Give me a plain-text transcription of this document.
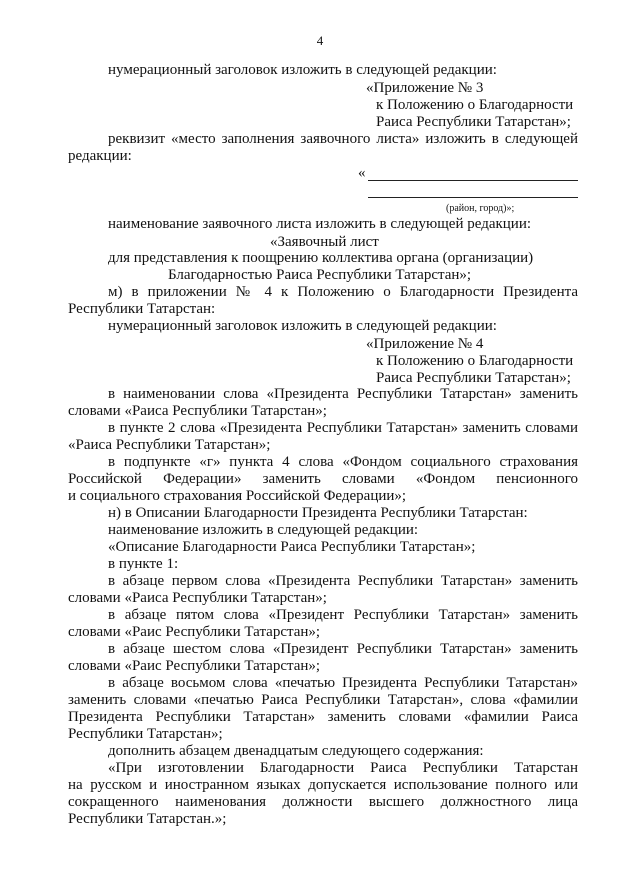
4
нумерационный заголовок изложить в следующей редакции:
«Приложение № 3
к Положению о Благодарности
Раиса Республики Татарстан»;
реквизит «место заполнения заявочного листа» изложить в следующей
редакции:
«
(район, город)»;
наименование заявочного листа изложить в следующей редакции:
«Заявочный лист
для представления к поощрению коллектива органа (организации)
Благодарностью Раиса Республики Татарстан»;
м) в приложении № 4 к Положению о Благодарности Президента
Республики Татарстан:
нумерационный заголовок изложить в следующей редакции:
«Приложение № 4
к Положению о Благодарности
Раиса Республики Татарстан»;
в наименовании слова «Президента Республики Татарстан» заменить
словами «Раиса Республики Татарстан»;
в пункте 2 слова «Президента Республики Татарстан» заменить словами
«Раиса Республики Татарстан»;
в подпункте «г» пункта 4 слова «Фондом социального страхования
Российской Федерации» заменить словами «Фондом пенсионного
и социального страхования Российской Федерации»;
н) в Описании Благодарности Президента Республики Татарстан:
наименование изложить в следующей редакции:
«Описание Благодарности Раиса Республики Татарстан»;
в пункте 1:
в абзаце первом слова «Президента Республики Татарстан» заменить
словами «Раиса Республики Татарстан»;
в абзаце пятом слова «Президент Республики Татарстан» заменить
словами «Раис Республики Татарстан»;
в абзаце шестом слова «Президент Республики Татарстан» заменить
словами «Раис Республики Татарстан»;
в абзаце восьмом слова «печатью Президента Республики Татарстан»
заменить словами «печатью Раиса Республики Татарстан», слова «фамилии
Президента Республики Татарстан» заменить словами «фамилии Раиса
Республики Татарстан»;
дополнить абзацем двенадцатым следующего содержания:
«При изготовлении Благодарности Раиса Республики Татарстан
на русском и иностранном языках допускается использование полного или
сокращенного наименования должности высшего должностного лица
Республики Татарстан.»;
